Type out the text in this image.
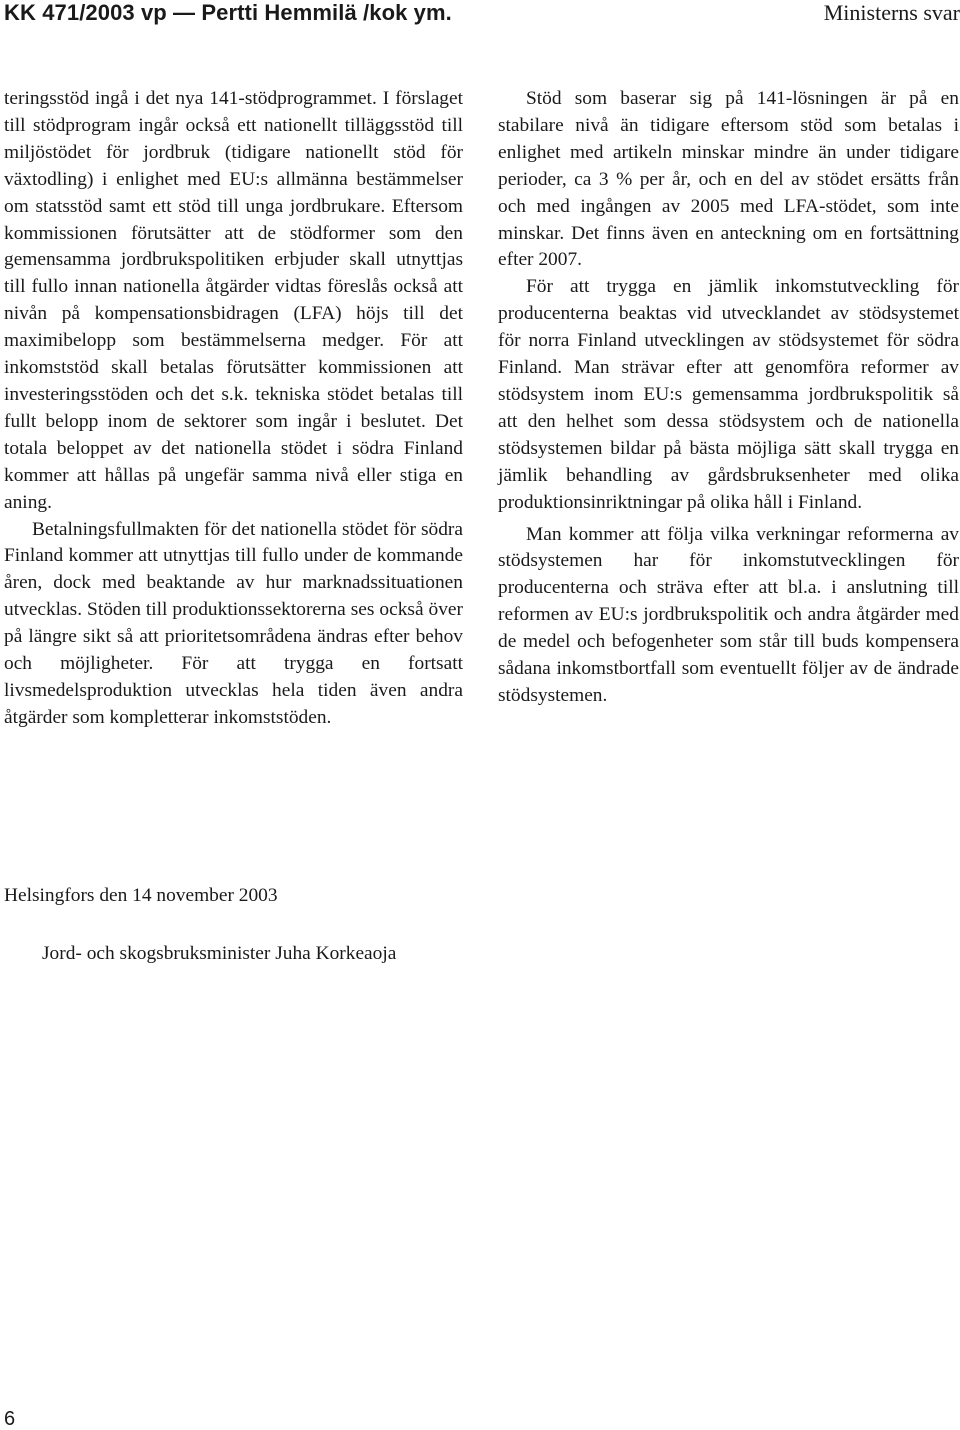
KK 471/2003 vp — Pertti Hemmilä /kok ym.	Ministerns svar

teringsstöd ingå i det nya 141-stödprogrammet. I förslaget till stödprogram ingår också ett nationellt tilläggsstöd till miljöstödet för jordbruk (tidigare nationellt stöd för växtodling) i enlighet med EU:s allmänna bestämmelser om statsstöd samt ett stöd till unga jordbrukare. Eftersom kommissionen förutsätter att de stödformer som den gemensamma jordbrukspolitiken erbjuder skall utnyttjas till fullo innan nationella åtgärder vidtas föreslås också att nivån på kompensationsbidragen (LFA) höjs till det maximibelopp som bestämmelserna medger. För att inkomststöd skall betalas förutsätter kommissionen att investeringsstöden och det s.k. tekniska stödet betalas till fullt belopp inom de sektorer som ingår i beslutet. Det totala beloppet av det nationella stödet i södra Finland kommer att hållas på ungefär samma nivå eller stiga en aning.

Betalningsfullmakten för det nationella stödet för södra Finland kommer att utnyttjas till fullo under de kommande åren, dock med beaktande av hur marknadssituationen utvecklas. Stöden till produktionssektorerna ses också över på längre sikt så att prioritetsområdena ändras efter behov och möjligheter. För att trygga en fortsatt livsmedelsproduktion utvecklas hela tiden även andra åtgärder som kompletterar inkomststöden.

Stöd som baserar sig på 141-lösningen är på en stabilare nivå än tidigare eftersom stöd som betalas i enlighet med artikeln minskar mindre än under tidigare perioder, ca 3 % per år, och en del av stödet ersätts från och med ingången av 2005 med LFA-stödet, som inte minskar. Det finns även en anteckning om en fortsättning efter 2007.

För att trygga en jämlik inkomstutveckling för producenterna beaktas vid utvecklandet av stödsystemet för norra Finland utvecklingen av stödsystemet för södra Finland. Man strävar efter att genomföra reformer av stödsystem inom EU:s gemensamma jordbrukspolitik så att den helhet som dessa stödsystem och de nationella stödsystemen bildar på bästa möjliga sätt skall trygga en jämlik behandling av gårdsbruksenheter med olika produktionsinriktningar på olika håll i Finland.

Man kommer att följa vilka verkningar reformerna av stödsystemen har för inkomstutvecklingen för producenterna och sträva efter att bl.a. i anslutning till reformen av EU:s jordbrukspolitik och andra åtgärder med de medel och befogenheter som står till buds kompensera sådana inkomstbortfall som eventuellt följer av de ändrade stödsystemen.

Helsingfors den 14 november 2003
Jord- och skogsbruksminister Juha Korkeaoja
6
